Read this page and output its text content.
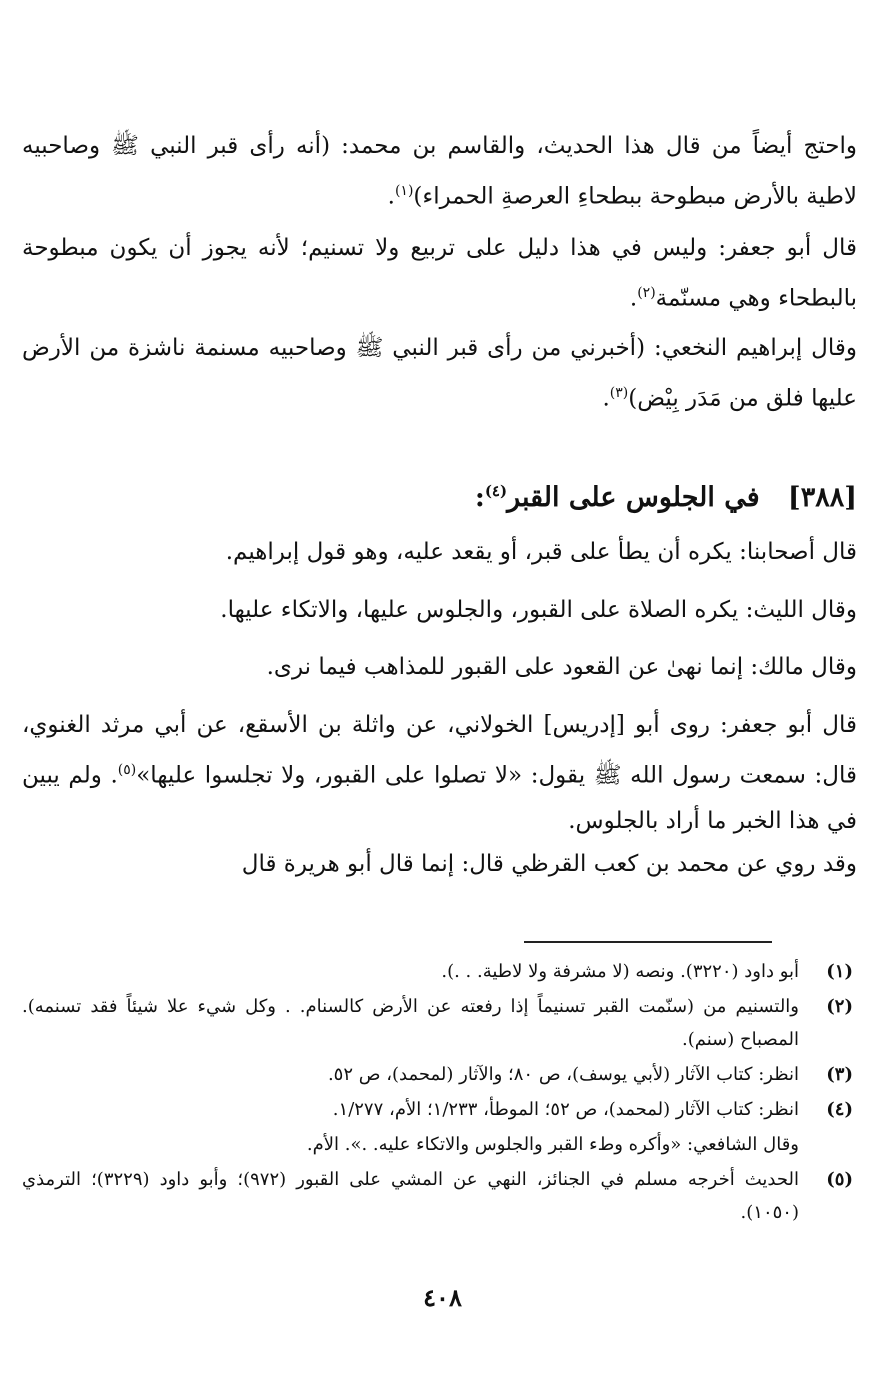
واحتج أيضاً من قال هذا الحديث، والقاسم بن محمد: (أنه رأى قبر النبي ﷺ وصاحبيه لاطية بالأرض مبطوحة ببطحاءِ العرصةِ الحمراء)$^{(١)}$.

قال أبو جعفر: وليس في هذا دليل على تربيع ولا تسنيم؛ لأنه يجوز أن يكون مبطوحة بالبطحاء وهي مسنّمة$^{(٢)}$.

وقال إبراهيم النخعي: (أخبرني من رأى قبر النبي ﷺ وصاحبيه مسنمة ناشزة من الأرض عليها فلق من مَدَر بِيْض)$^{(٣)}$.

[٣٨٨]   في الجلوس على القبر$^{(٤)}$:

قال أصحابنا: يكره أن يطأ على قبر، أو يقعد عليه، وهو قول إبراهيم.

وقال الليث: يكره الصلاة على القبور، والجلوس عليها، والاتكاء عليها.

وقال مالك: إنما نهىٰ عن القعود على القبور للمذاهب فيما نرى.

قال أبو جعفر: روى أبو [إدريس] الخولاني، عن واثلة بن الأسقع، عن أبي مرثد الغنوي، قال: سمعت رسول الله ﷺ يقول: «لا تصلوا على القبور، ولا تجلسوا عليها»$^{(٥)}$. ولم يبين في هذا الخبر ما أراد بالجلوس.

وقد روي عن محمد بن كعب القرظي قال: إنما قال أبو هريرة قال

(١)
أبو داود (٣٢٢٠). ونصه (لا مشرفة ولا لاطية. . .).
(٢)
والتسنيم من (سنّمت القبر تسنيماً إذا رفعته عن الأرض كالسنام. . وكل شيء علا شيئاً فقد تسنمه). المصباح (سنم).
(٣)
انظر: كتاب الآثار (لأبي يوسف)، ص ٨٠؛ والآثار (لمحمد)، ص ٥٢.
(٤)
انظر: كتاب الآثار (لمحمد)، ص ٥٢؛ الموطأ، ١/٢٣٣؛ الأم، ١/٢٧٧.
وقال الشافعي: «وأكره وطء القبر والجلوس والاتكاء عليه. .». الأم.
(٥)
الحديث أخرجه مسلم في الجنائز، النهي عن المشي على القبور (٩٧٢)؛ وأبو داود (٣٢٢٩)؛ الترمذي (١٠٥٠).
٤٠٨
